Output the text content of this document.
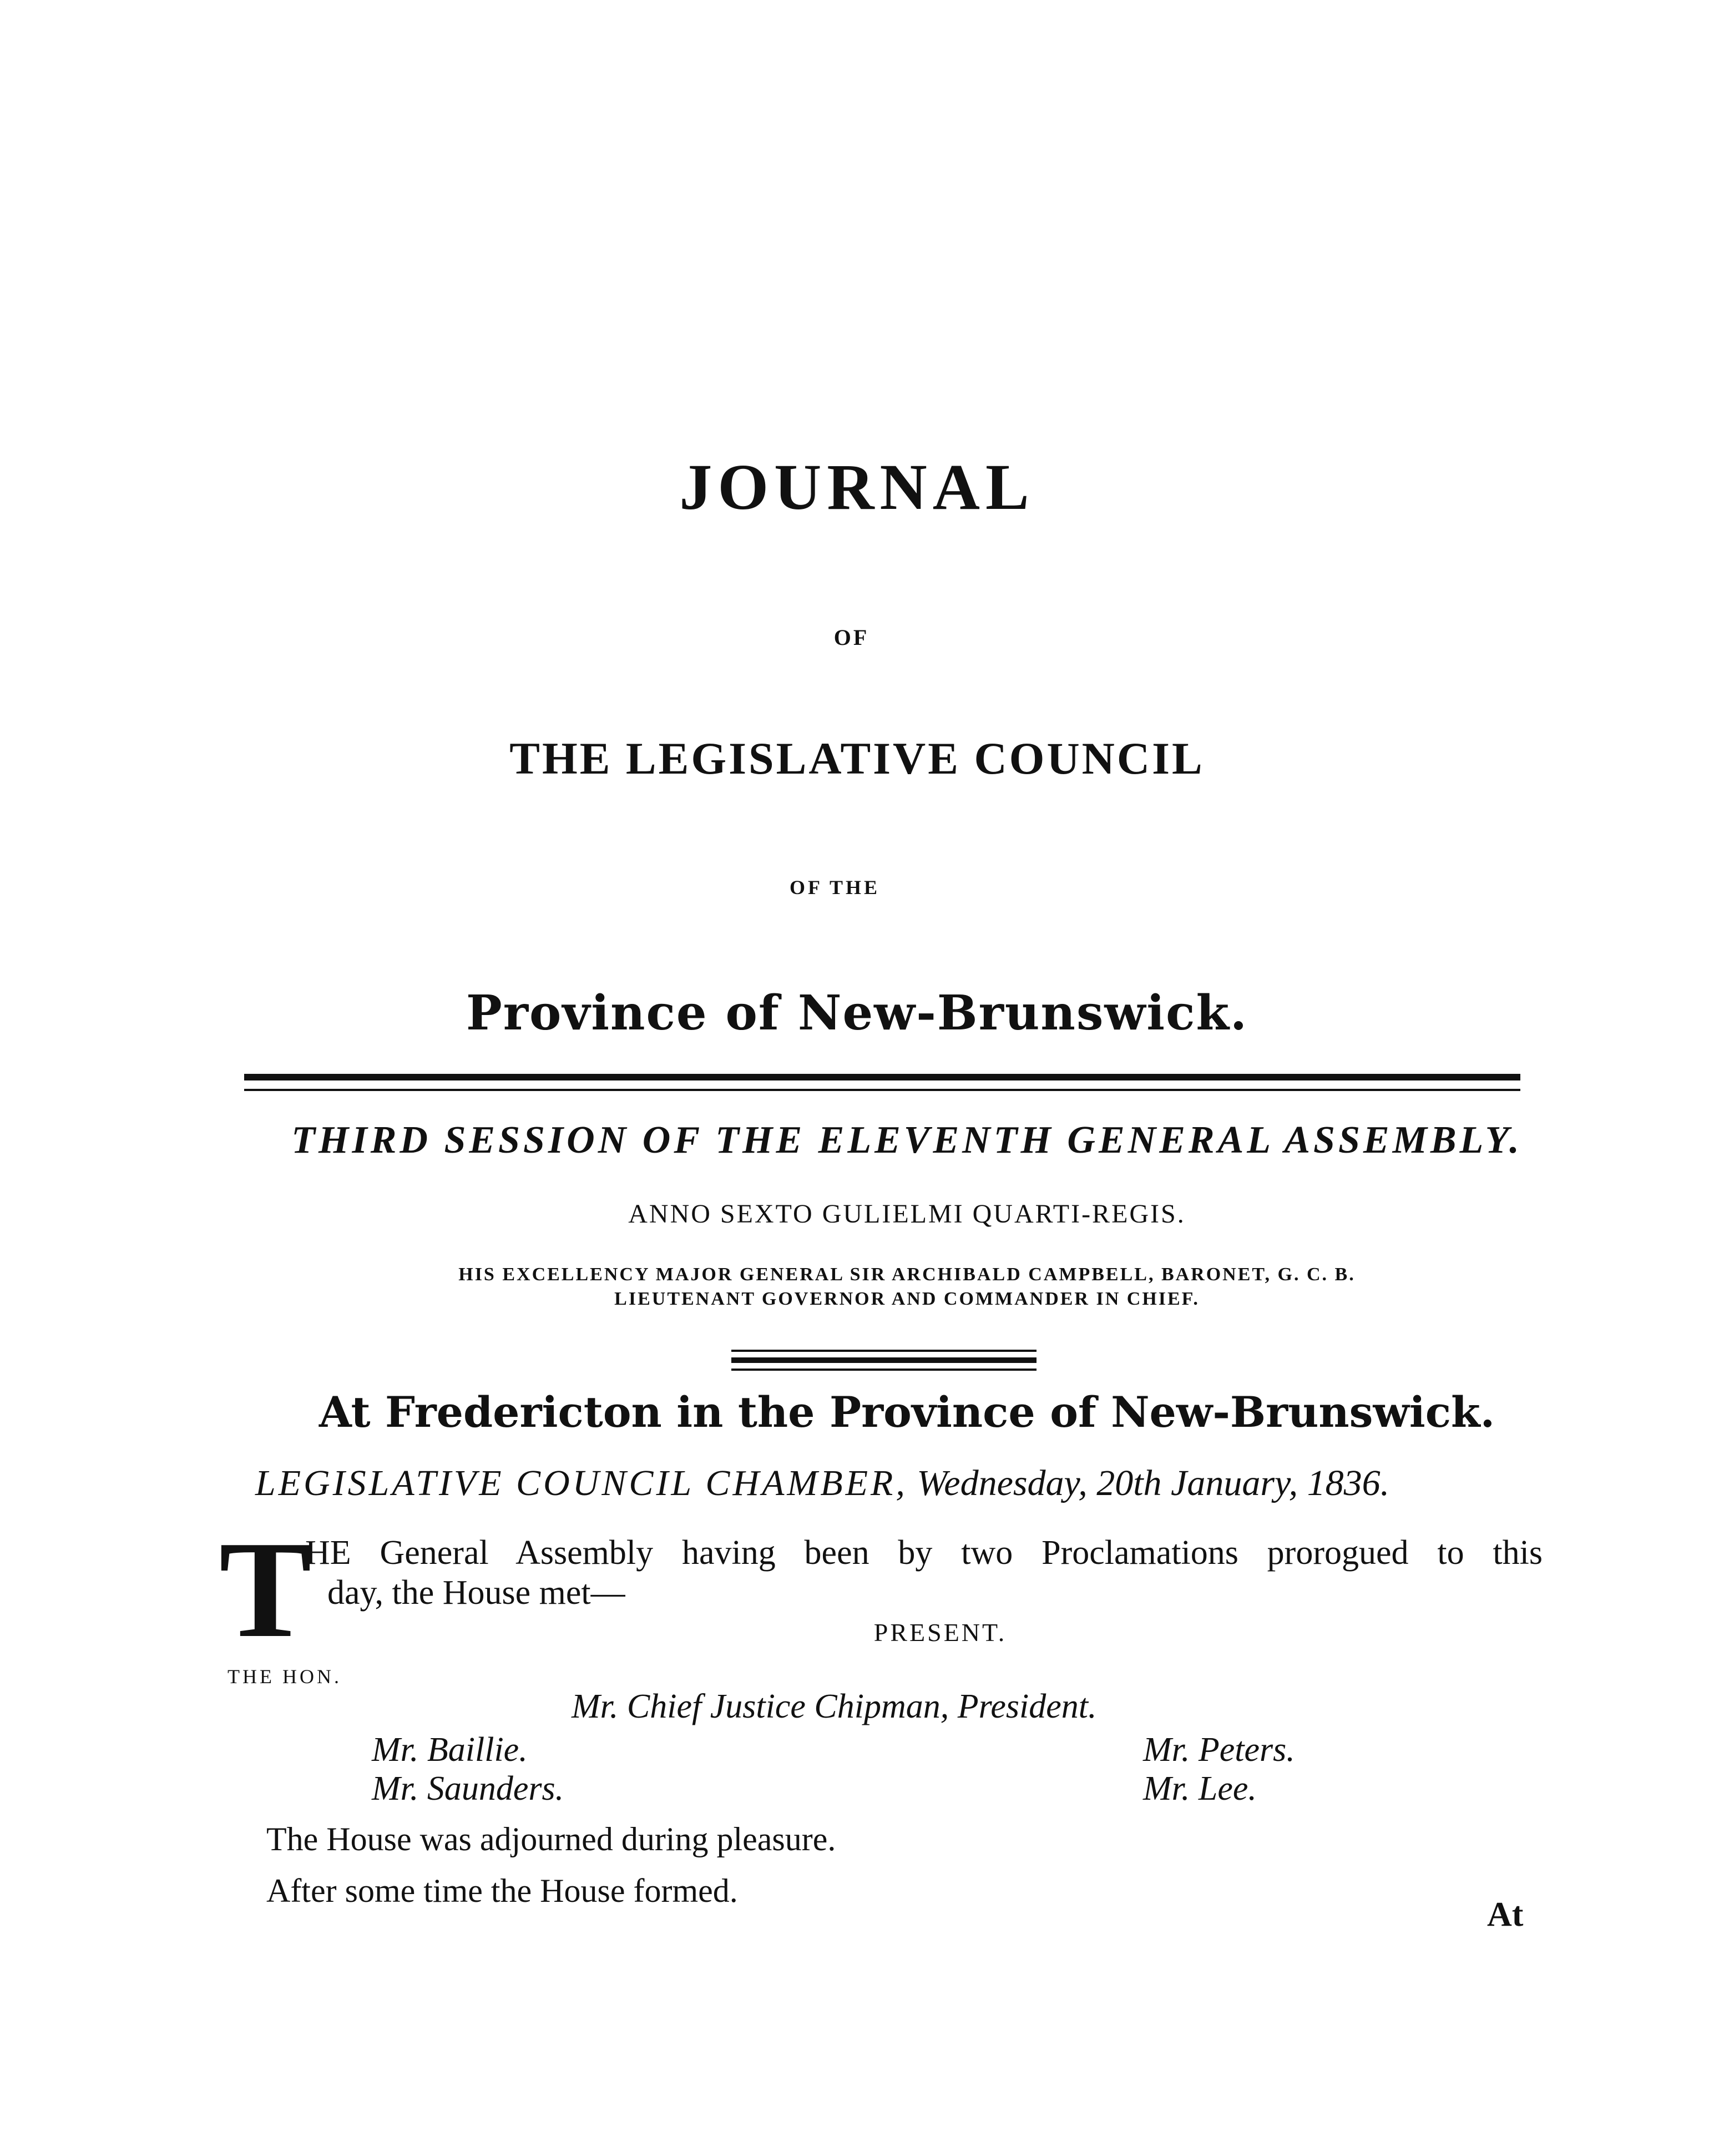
JOURNAL
OF
THE LEGISLATIVE COUNCIL
OF THE
Province of New-Brunswick.
THIRD SESSION OF THE ELEVENTH GENERAL ASSEMBLY.
ANNO SEXTO GULIELMI QUARTI-REGIS.
HIS EXCELLENCY MAJOR GENERAL SIR ARCHIBALD CAMPBELL, BARONET, G. C. B.
LIEUTENANT GOVERNOR AND COMMANDER IN CHIEF.
At Fredericton in the Province of New-Brunswick.
LEGISLATIVE COUNCIL CHAMBER, Wednesday, 20th January, 1836.
T
HE General Assembly having been by two Proclamations prorogued to this
day, the House met—
PRESENT.
THE HON.
Mr. Chief Justice Chipman, President.
Mr. Baillie.
Mr. Saunders.
Mr. Peters.
Mr. Lee.
The House was adjourned during pleasure.
After some time the House formed.
At
